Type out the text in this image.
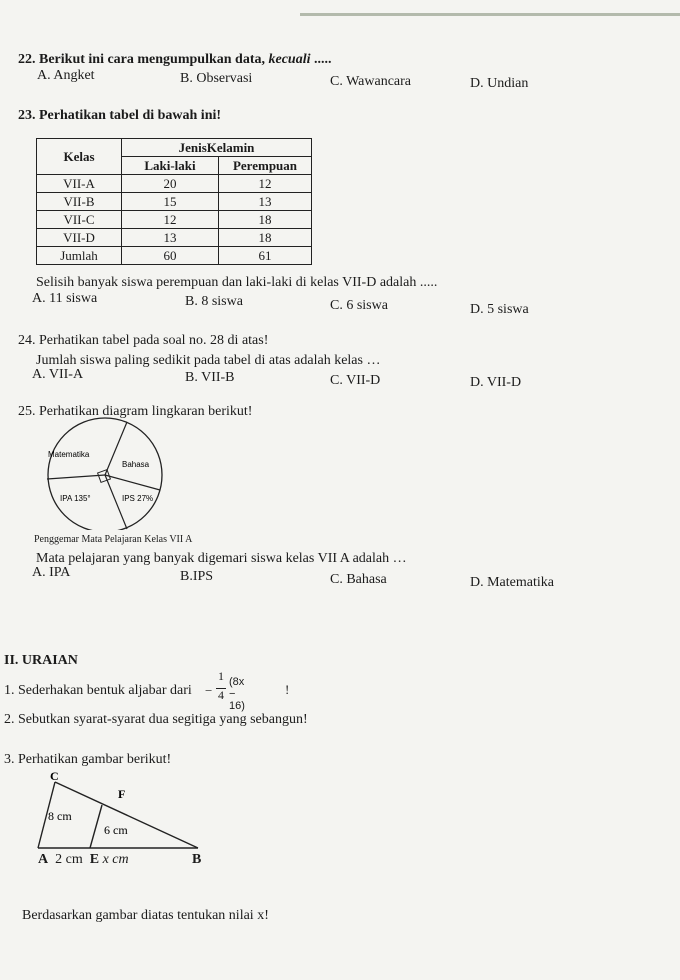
22. Berikut ini cara mengumpulkan data, kecuali .....
A. Angket	B. Observasi	C. Wawancara	D. Undian
23. Perhatikan tabel di bawah ini!
Kelas	JenisKelamin	
	Laki-laki	Perempuan
VII-A	20	12
VII-B	15	13
VII-C	12	18
VII-D	13	18
Jumlah	60	61
Selisih banyak siswa perempuan dan laki-laki di kelas VII-D adalah .....
A. 11 siswa	B. 8 siswa	C. 6 siswa	D. 5 siswa
24. Perhatikan tabel pada soal no. 28 di atas!
Jumlah siswa paling sedikit pada tabel di atas adalah kelas …
A. VII-A	B. VII-B	C. VII-D	D. VII-D
25. Perhatikan diagram lingkaran berikut!
Matematika
Bahasa
IPA 135°	IPS 27%
Penggemar Mata Pelajaran Kelas VII A
Mata pelajaran yang banyak digemari siswa kelas VII A adalah …
A. IPA	B.IPS	C. Bahasa	D. Matematika
II. URAIAN
1. Sederhakan bentuk aljabar dari −
1
4
(8x − 16)
!
2. Sebutkan syarat-syarat dua segitiga yang sebangun!
3. Perhatikan gambar berikut!
C
F
8 cm
6 cm
A 2 cm E x cm	B
Berdasarkan gambar diatas tentukan nilai x!
